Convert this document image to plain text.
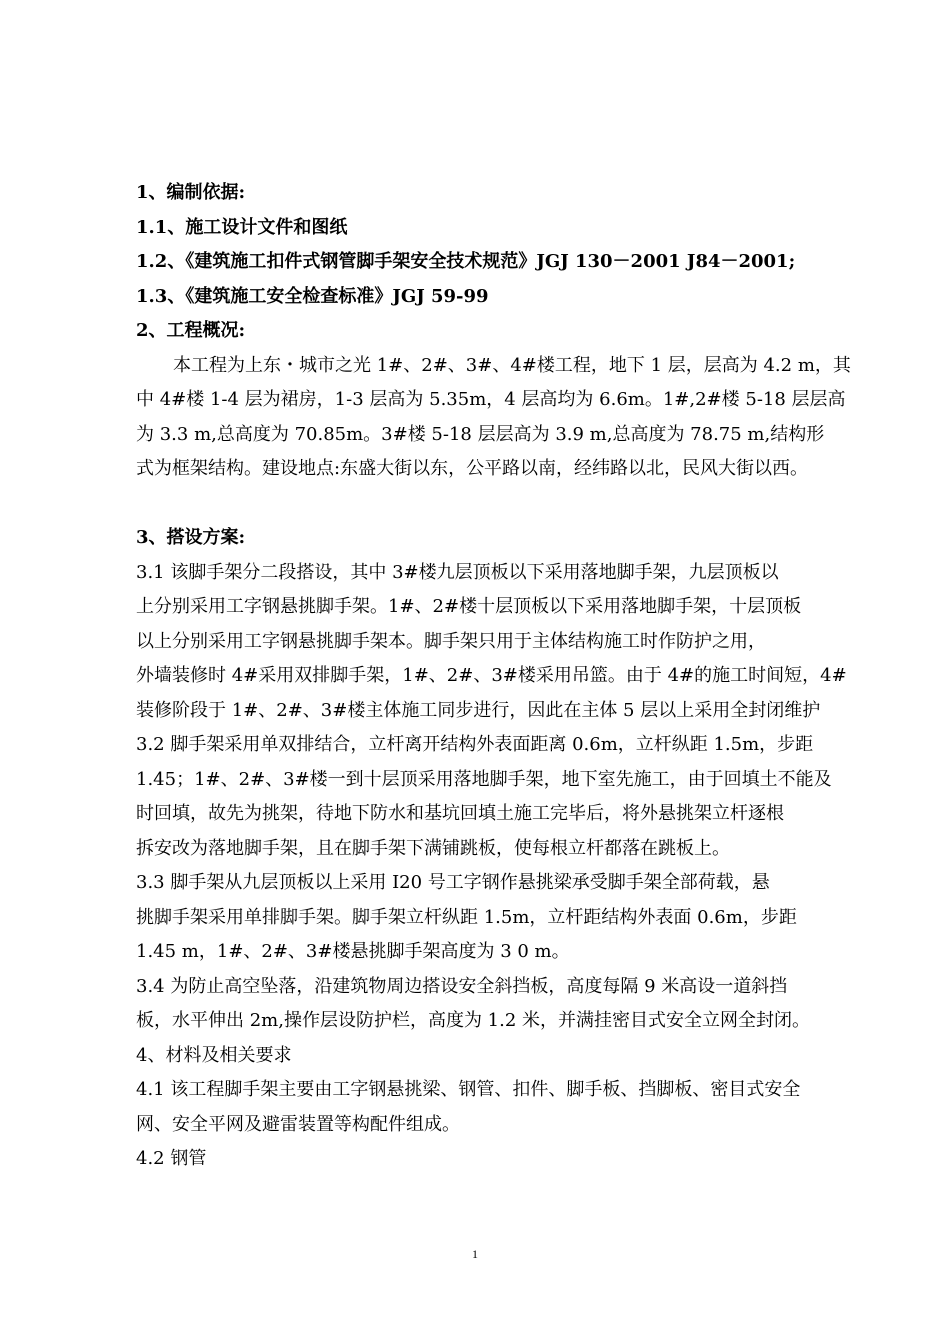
1、编制依据:
1.1、施工设计文件和图纸
1.2、《建筑施工扣件式钢管脚手架安全技术规范》JGJ 130－2001 J84－2001;
1.3、《建筑施工安全检查标准》JGJ 59-99
2、工程概况:
本工程为上东・城市之光 1#、2#、3#、4#楼工程，地下 1 层，层高为 4.2 m，其
中 4#楼 1-4 层为裙房，1-3 层高为 5.35m，4 层高均为 6.6m。1#,2#楼 5-18 层层高
为 3.3 m,总高度为 70.85m。3#楼 5-18 层层高为 3.9 m,总高度为 78.75 m,结构形
式为框架结构。建设地点:东盛大街以东，公平路以南，经纬路以北，民风大街以西。
3、搭设方案:
3.1 该脚手架分二段搭设，其中 3#楼九层顶板以下采用落地脚手架，九层顶板以
上分别采用工字钢悬挑脚手架。1#、2#楼十层顶板以下采用落地脚手架，十层顶板
以上分别采用工字钢悬挑脚手架本。脚手架只用于主体结构施工时作防护之用，
外墙装修时 4#采用双排脚手架，1#、2#、3#楼采用吊篮。由于 4#的施工时间短，4#
装修阶段于 1#、2#、3#楼主体施工同步进行，因此在主体 5 层以上采用全封闭维护
3.2 脚手架采用单双排结合，立杆离开结构外表面距离 0.6m，立杆纵距 1.5m，步距
1.45；1#、2#、3#楼一到十层顶采用落地脚手架，地下室先施工，由于回填土不能及
时回填，故先为挑架，待地下防水和基坑回填土施工完毕后，将外悬挑架立杆逐根
拆安改为落地脚手架，且在脚手架下满铺跳板，使每根立杆都落在跳板上。
3.3 脚手架从九层顶板以上采用 I20 号工字钢作悬挑梁承受脚手架全部荷载，悬
挑脚手架采用单排脚手架。脚手架立杆纵距 1.5m，立杆距结构外表面 0.6m，步距
1.45 m，1#、2#、3#楼悬挑脚手架高度为 3 0 m。
3.4 为防止高空坠落，沿建筑物周边搭设安全斜挡板，高度每隔 9 米高设一道斜挡
板，水平伸出 2m,操作层设防护栏，高度为 1.2 米，并满挂密目式安全立网全封闭。
4、材料及相关要求
4.1 该工程脚手架主要由工字钢悬挑梁、钢管、扣件、脚手板、挡脚板、密目式安全
网、安全平网及避雷装置等构配件组成。
4.2 钢管
1
